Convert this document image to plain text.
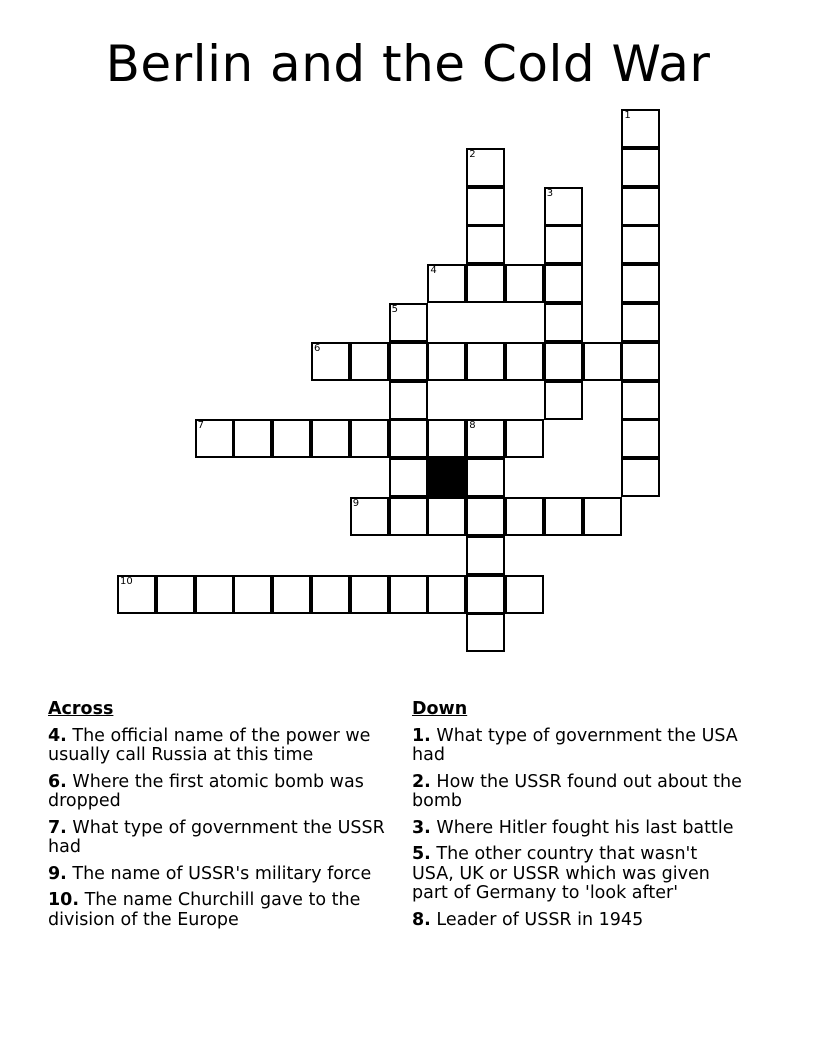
Berlin and the Cold War
1
2
3
4
5
6
7	8
9
10
Across
4. The official name of the power we usually call Russia at this time
6. Where the first atomic bomb was dropped
7. What type of government the USSR had
9. The name of USSR's military force
10. The name Churchill gave to the division of the Europe
Down
1. What type of government the USA had
2. How the USSR found out about the bomb
3. Where Hitler fought his last battle
5. The other country that wasn't USA, UK or USSR which was given part of Germany to 'look after'
8. Leader of USSR in 1945
